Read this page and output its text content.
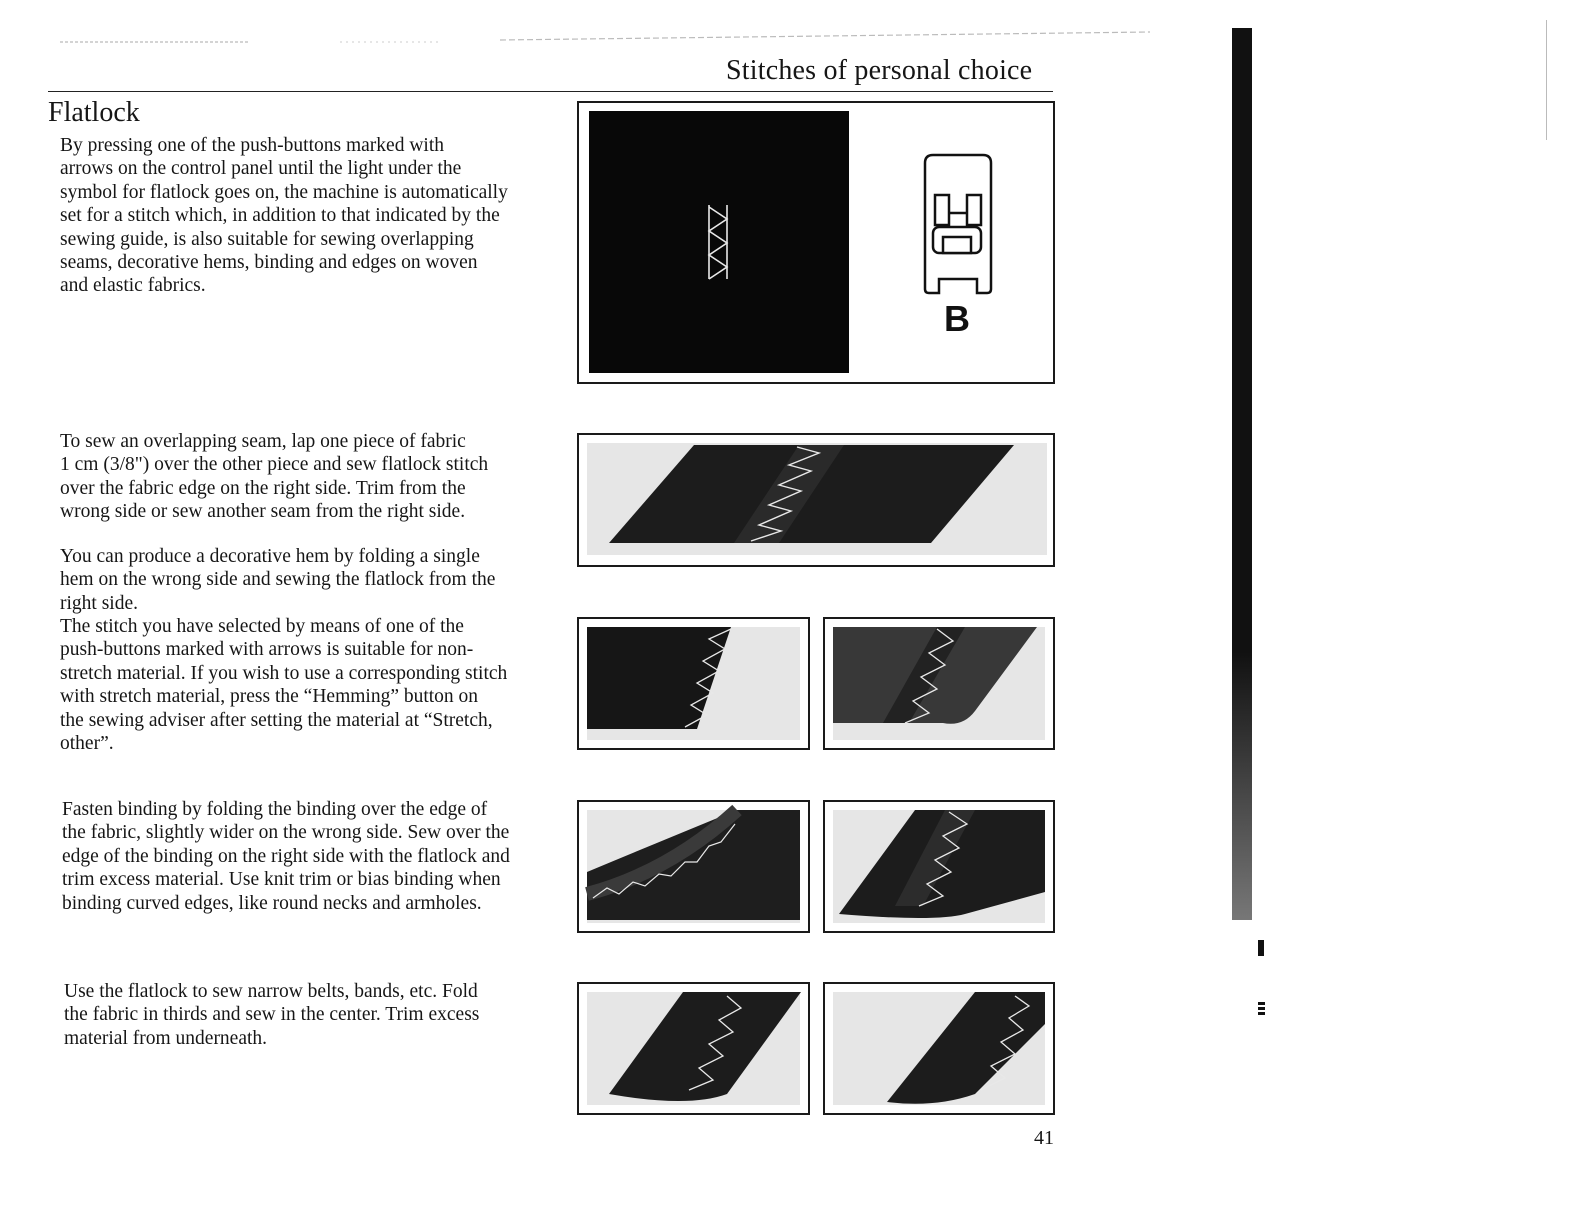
Stitches of personal choice
Flatlock

By pressing one of the push-buttons marked with

arrows on the control panel until the light under the

symbol for flatlock goes on, the machine is automatically

set for a stitch which, in addition to that indicated by the

sewing guide, is also suitable for sewing overlapping

seams, decorative hems, binding and edges on woven

and elastic fabrics.

To sew an overlapping seam, lap one piece of fabric

1 cm (3/8") over the other piece and sew flatlock stitch

over the fabric edge on the right side. Trim from the

wrong side or sew another seam from the right side.

You can produce a decorative hem by folding a single

hem on the wrong side and sewing the flatlock from the

right side.

The stitch you have selected by means of one of the

push-buttons marked with arrows is suitable for non-

stretch material. If you wish to use a corresponding stitch

with stretch material, press the “Hemming” button on

the sewing adviser after setting the material at “Stretch,

other”.

Fasten binding by folding the binding over the edge of

the fabric, slightly wider on the wrong side. Sew over the

edge of the binding on the right side with the flatlock and

trim excess material. Use knit trim or bias binding when

binding curved edges, like round necks and armholes.

Use the flatlock to sew narrow belts, bands, etc. Fold

the fabric in thirds and sew in the center. Trim excess

material from underneath.

B
41
